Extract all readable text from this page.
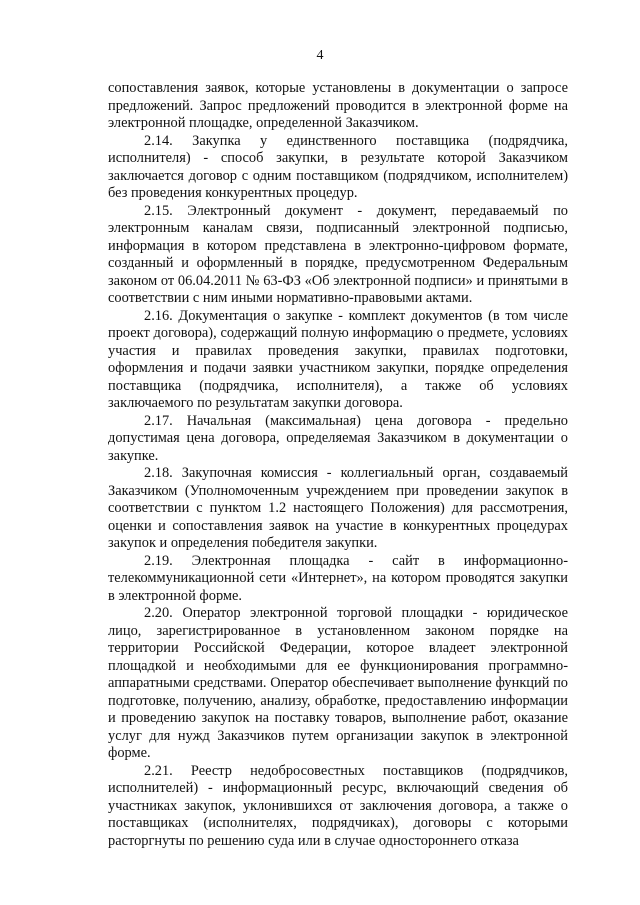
4

сопоставления заявок, которые установлены в документации о запросе предложений. Запрос предложений проводится в электронной форме на электронной площадке, определенной Заказчиком.

2.14. Закупка у единственного поставщика (подрядчика, исполнителя) - способ закупки, в результате которой Заказчиком заключается договор с одним поставщиком (подрядчиком, исполнителем) без проведения конкурентных процедур.

2.15. Электронный документ - документ, передаваемый по электронным каналам связи, подписанный электронной подписью, информация в котором представлена в электронно-цифровом формате, созданный и оформленный в порядке, предусмотренном Федеральным законом от 06.04.2011 № 63-ФЗ «Об электронной подписи» и принятыми в соответствии с ним иными нормативно-правовыми актами.

2.16. Документация о закупке - комплект документов (в том числе проект договора), содержащий полную информацию о предмете, условиях участия и правилах проведения закупки, правилах подготовки, оформления и подачи заявки участником закупки, порядке определения поставщика (подрядчика, исполнителя), а также об условиях заключаемого по результатам закупки договора.

2.17. Начальная (максимальная) цена договора - предельно допустимая цена договора, определяемая Заказчиком в документации о закупке.

2.18. Закупочная комиссия - коллегиальный орган, создаваемый Заказчиком (Уполномоченным учреждением при проведении закупок в соответствии с пунктом 1.2 настоящего Положения) для рассмотрения, оценки и сопоставления заявок на участие в конкурентных процедурах закупок и определения победителя закупки.

2.19. Электронная площадка - сайт в информационно-телекоммуникационной сети «Интернет», на котором проводятся закупки в электронной форме.

2.20. Оператор электронной торговой площадки - юридическое лицо, зарегистрированное в установленном законом порядке на территории Российской Федерации, которое владеет электронной площадкой и необходимыми для ее функционирования программно-аппаратными средствами. Оператор обеспечивает выполнение функций по подготовке, получению, анализу, обработке, предоставлению информации и проведению закупок на поставку товаров, выполнение работ, оказание услуг для нужд Заказчиков путем организации закупок в электронной форме.

2.21. Реестр недобросовестных поставщиков (подрядчиков, исполнителей) - информационный ресурс, включающий сведения об участниках закупок, уклонившихся от заключения договора, а также о поставщиках (исполнителях, подрядчиках), договоры с которыми расторгнуты по решению суда или в случае одностороннего отказа
